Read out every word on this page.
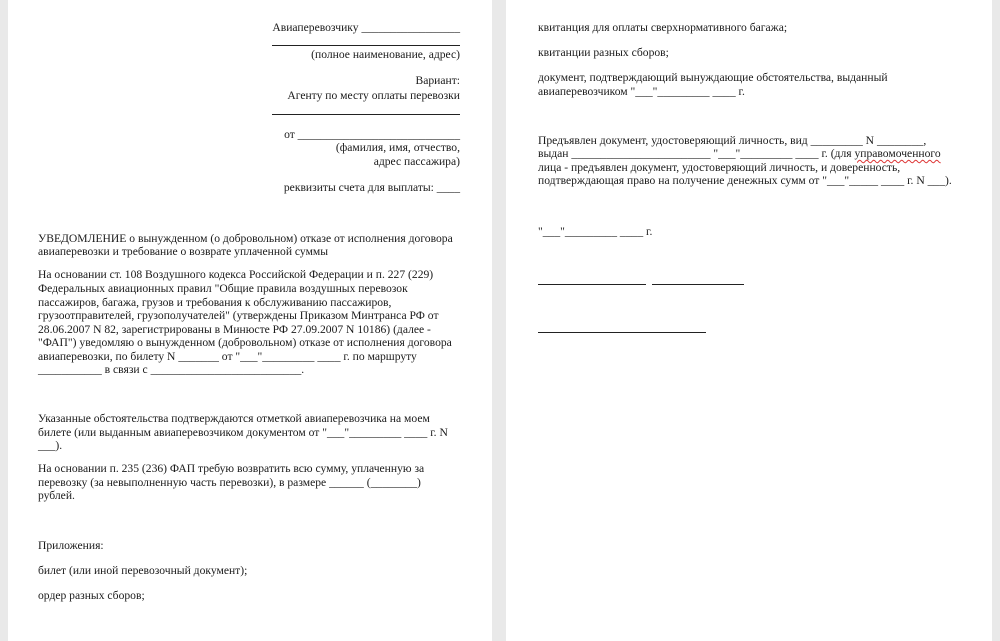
Авиаперевозчику _________________
(полное наименование, адрес)
Вариант:
Агенту по месту оплаты перевозки
от ____________________________
(фамилия, имя, отчество,
адрес пассажира)
реквизиты счета для выплаты: ____
УВЕДОМЛЕНИЕ о вынужденном (о добровольном) отказе от исполнения договора
авиаперевозки и требование о возврате уплаченной суммы
На основании ст. 108 Воздушного кодекса Российской Федерации и п. 227 (229)
Федеральных авиационных правил "Общие правила воздушных перевозок
пассажиров, багажа, грузов и требования к обслуживанию пассажиров,
грузоотправителей, грузополучателей" (утверждены Приказом Минтранса РФ от
28.06.2007 N 82, зарегистрированы в Минюсте РФ 27.09.2007 N 10186) (далее -
"ФАП") уведомляю о вынужденном (добровольном) отказе от исполнения договора
авиаперевозки, по билету N _______ от "___"_________ ____ г. по маршруту
___________ в связи с __________________________.
Указанные обстоятельства подтверждаются отметкой авиаперевозчика на моем
билете (или выданным авиаперевозчиком документом от "___"_________ ____ г. N
___).
На основании п. 235 (236) ФАП требую возвратить всю сумму, уплаченную за
перевозку (за невыполненную часть перевозки), в размере ______ (________)
рублей.
Приложения:
билет (или иной перевозочный документ);
ордер разных сборов;
квитанция для оплаты сверхнормативного багажа;
квитанции разных сборов;
документ, подтверждающий вынуждающие обстоятельства, выданный
авиаперевозчиком "___"_________ ____ г.
Предъявлен документ, удостоверяющий личность, вид _________ N ________,
выдан ________________________ "___"_________ ____ г. (для управомоченного
лица - предъявлен документ, удостоверяющий личность, и доверенность,
подтверждающая право на получение денежных сумм от "___"_____ ____ г. N ___).
"___"_________ ____ г.
